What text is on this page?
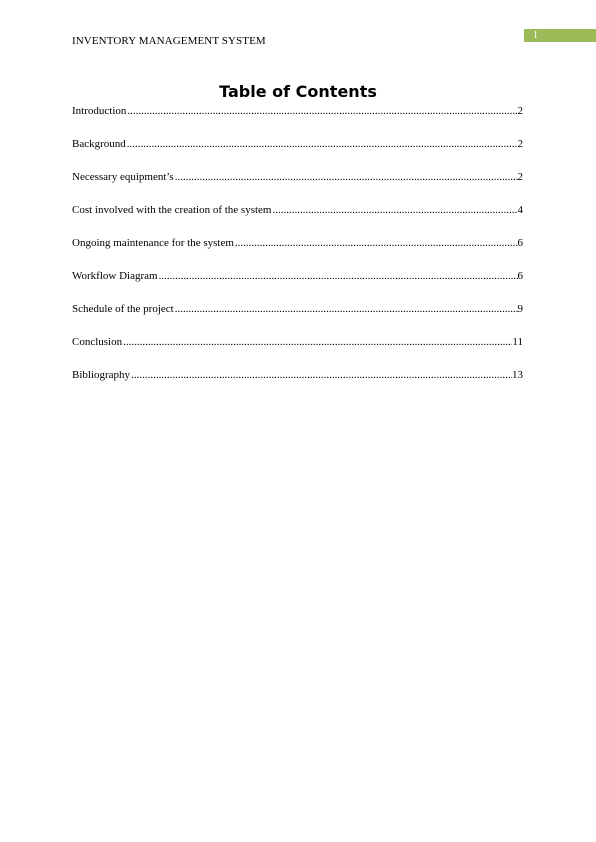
INVENTORY MANAGEMENT SYSTEM	1
Table of Contents
Introduction .....	2
Background .....	2
Necessary equipment’s .....	2
Cost involved with the creation of the system .....	4
Ongoing maintenance for the system .....	6
Workflow Diagram .....	6
Schedule of the project .....	9
Conclusion .....	11
Bibliography .....	13
